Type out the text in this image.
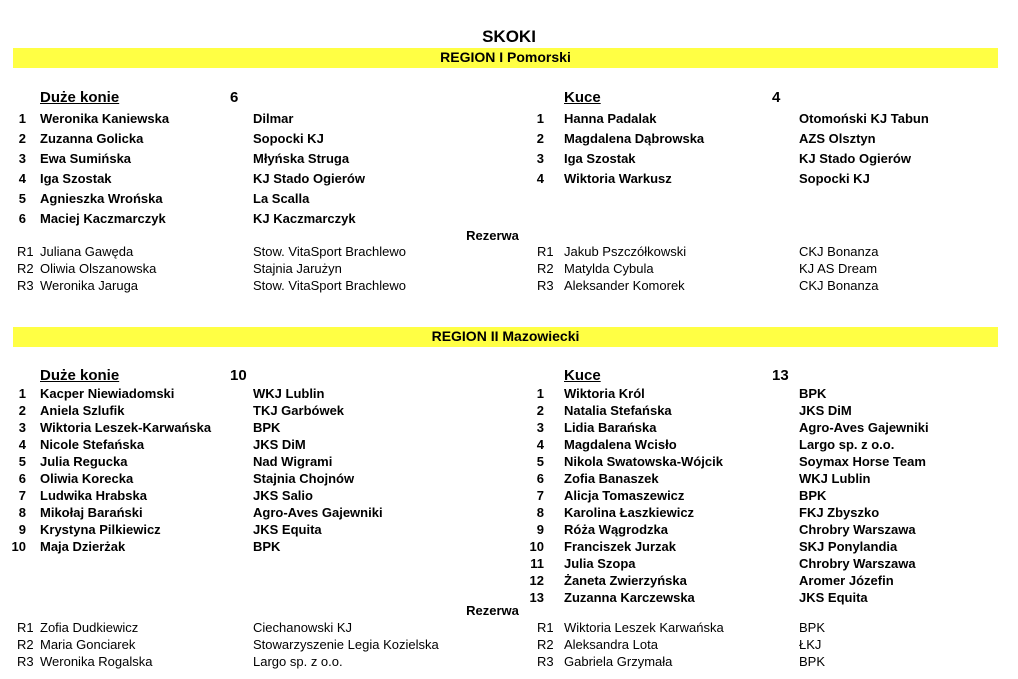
SKOKI
REGION I Pomorski
Duże konie	6
1 Weronika Kaniewska	Dilmar
2 Zuzanna Golicka	Sopocki KJ
3 Ewa Sumińska	Młyńska Struga
4 Iga Szostak	KJ Stado Ogierów
5 Agnieszka Wrońska	La Scalla
6 Maciej Kaczmarczyk	KJ Kaczmarczyk
R1 Juliana Gawęda	Stow. VitaSport Brachlewo
R2 Oliwia Olszanowska	Stajnia Jarużyn
R3 Weronika Jaruga	Stow. VitaSport Brachlewo
Kuce	4
1 Hanna Padalak	Otomoński KJ Tabun
2 Magdalena Dąbrowska	AZS Olsztyn
3 Iga Szostak	KJ Stado Ogierów
4 Wiktoria Warkusz	Sopocki KJ
R1 Jakub Pszczółkowski	CKJ Bonanza
R2 Matylda Cybula	KJ AS Dream
R3 Aleksander Komorek	CKJ Bonanza
Rezerwa
REGION II Mazowiecki
Duże konie	10
1 Kacper Niewiadomski	WKJ Lublin
2 Aniela Szlufik	TKJ Garbówek
3 Wiktoria Leszek-Karwańska	BPK
4 Nicole Stefańska	JKS DiM
5 Julia Regucka	Nad Wigrami
6 Oliwia Korecka	Stajnia Chojnów
7 Ludwika Hrabska	JKS Salio
8 Mikołaj Barański	Agro-Aves Gajewniki
9 Krystyna Pilkiewicz	JKS Equita
10 Maja Dzierżak	BPK
R1 Zofia Dudkiewicz	Ciechanowski KJ
R2 Maria Gonciarek	Stowarzyszenie Legia Kozielska
R3 Weronika Rogalska	Largo sp. z o.o.
Kuce	13
1 Wiktoria Król	BPK
2 Natalia Stefańska	JKS DiM
3 Lidia Barańska	Agro-Aves Gajewniki
4 Magdalena Wcisło	Largo sp. z o.o.
5 Nikola Swatowska-Wójcik	Soymax Horse Team
6 Zofia Banaszek	WKJ Lublin
7 Alicja Tomaszewicz	BPK
8 Karolina Łaszkiewicz	FKJ Zbyszko
9 Róża Wągrodzka	Chrobry Warszawa
10 Franciszek Jurzak	SKJ Ponylandia
11 Julia Szopa	Chrobry Warszawa
12 Żaneta Zwierzyńska	Aromer Józefin
13 Zuzanna Karczewska	JKS Equita
R1 Wiktoria Leszek Karwańska	BPK
R2 Aleksandra Lota	ŁKJ
R3 Gabriela Grzymała	BPK
Rezerwa
